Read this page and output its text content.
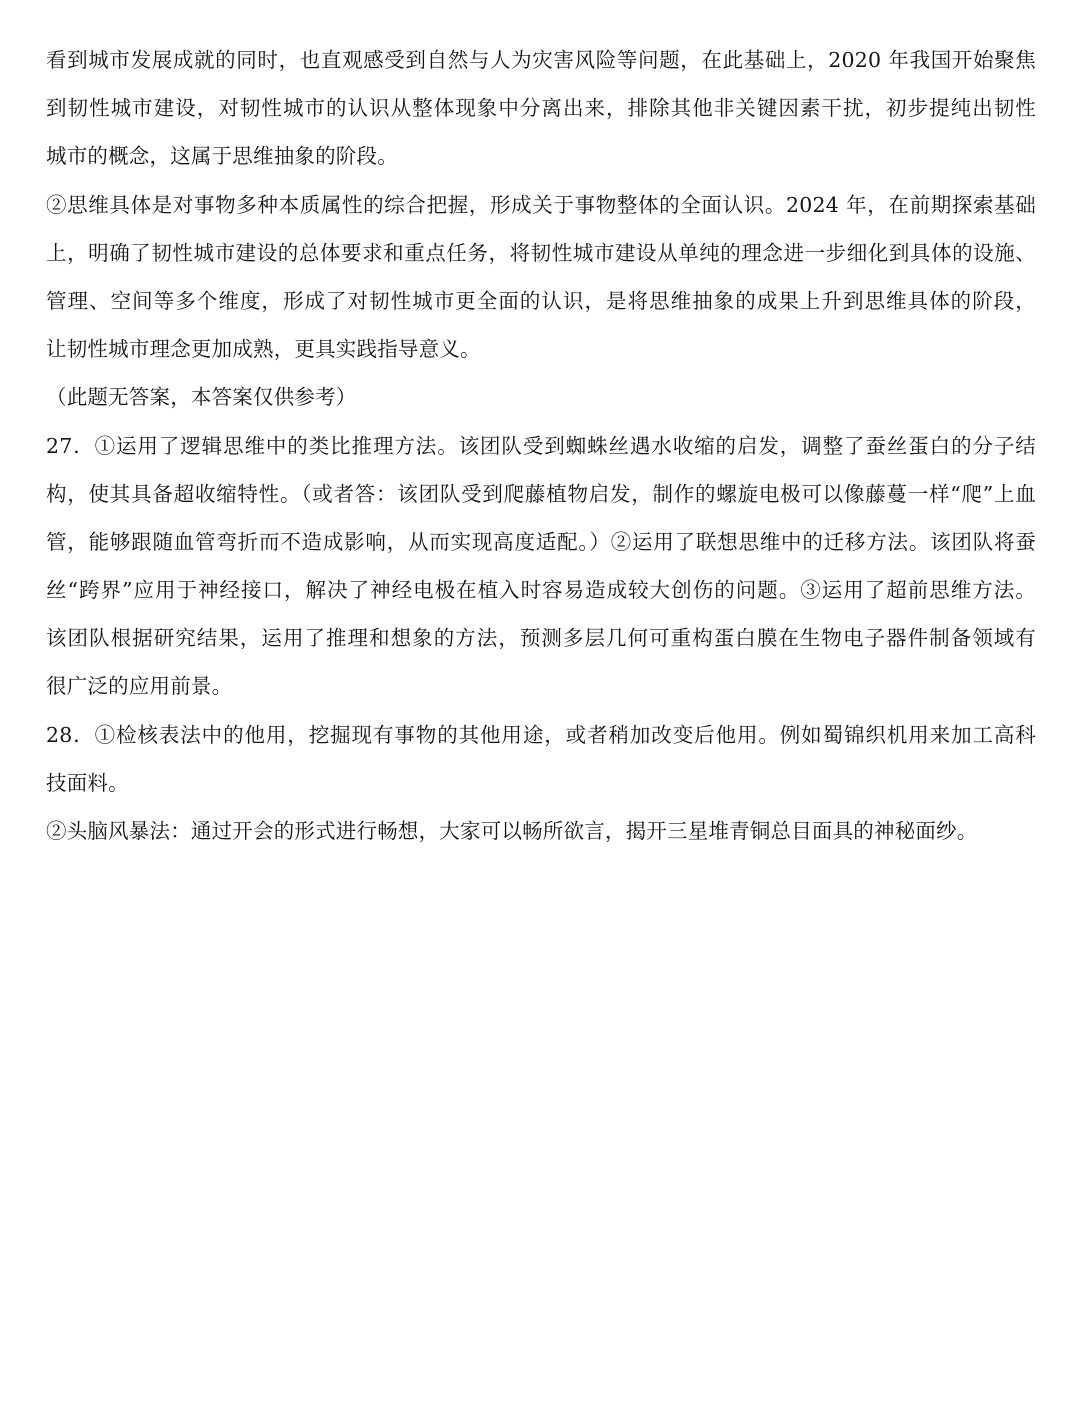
看到城市发展成就的同时，也直观感受到自然与人为灾害风险等问题，在此基础上，2020 年我国开始聚焦
到韧性城市建设，对韧性城市的认识从整体现象中分离出来，排除其他非关键因素干扰，初步提纯出韧性
城市的概念，这属于思维抽象的阶段。
②思维具体是对事物多种本质属性的综合把握，形成关于事物整体的全面认识。2024 年，在前期探索基础
上，明确了韧性城市建设的总体要求和重点任务，将韧性城市建设从单纯的理念进一步细化到具体的设施、
管理、空间等多个维度，形成了对韧性城市更全面的认识，是将思维抽象的成果上升到思维具体的阶段，
让韧性城市理念更加成熟，更具实践指导意义。
（此题无答案，本答案仅供参考）
27．①运用了逻辑思维中的类比推理方法。该团队受到蜘蛛丝遇水收缩的启发，调整了蚕丝蛋白的分子结
构，使其具备超收缩特性。（或者答：该团队受到爬藤植物启发，制作的螺旋电极可以像藤蔓一样“爬”上血
管，能够跟随血管弯折而不造成影响，从而实现高度适配。）②运用了联想思维中的迁移方法。该团队将蚕
丝“跨界”应用于神经接口，解决了神经电极在植入时容易造成较大创伤的问题。③运用了超前思维方法。
该团队根据研究结果，运用了推理和想象的方法，预测多层几何可重构蛋白膜在生物电子器件制备领域有
很广泛的应用前景。
28．①检核表法中的他用，挖掘现有事物的其他用途，或者稍加改变后他用。例如蜀锦织机用来加工高科
技面料。
②头脑风暴法：通过开会的形式进行畅想，大家可以畅所欲言，揭开三星堆青铜总目面具的神秘面纱。
